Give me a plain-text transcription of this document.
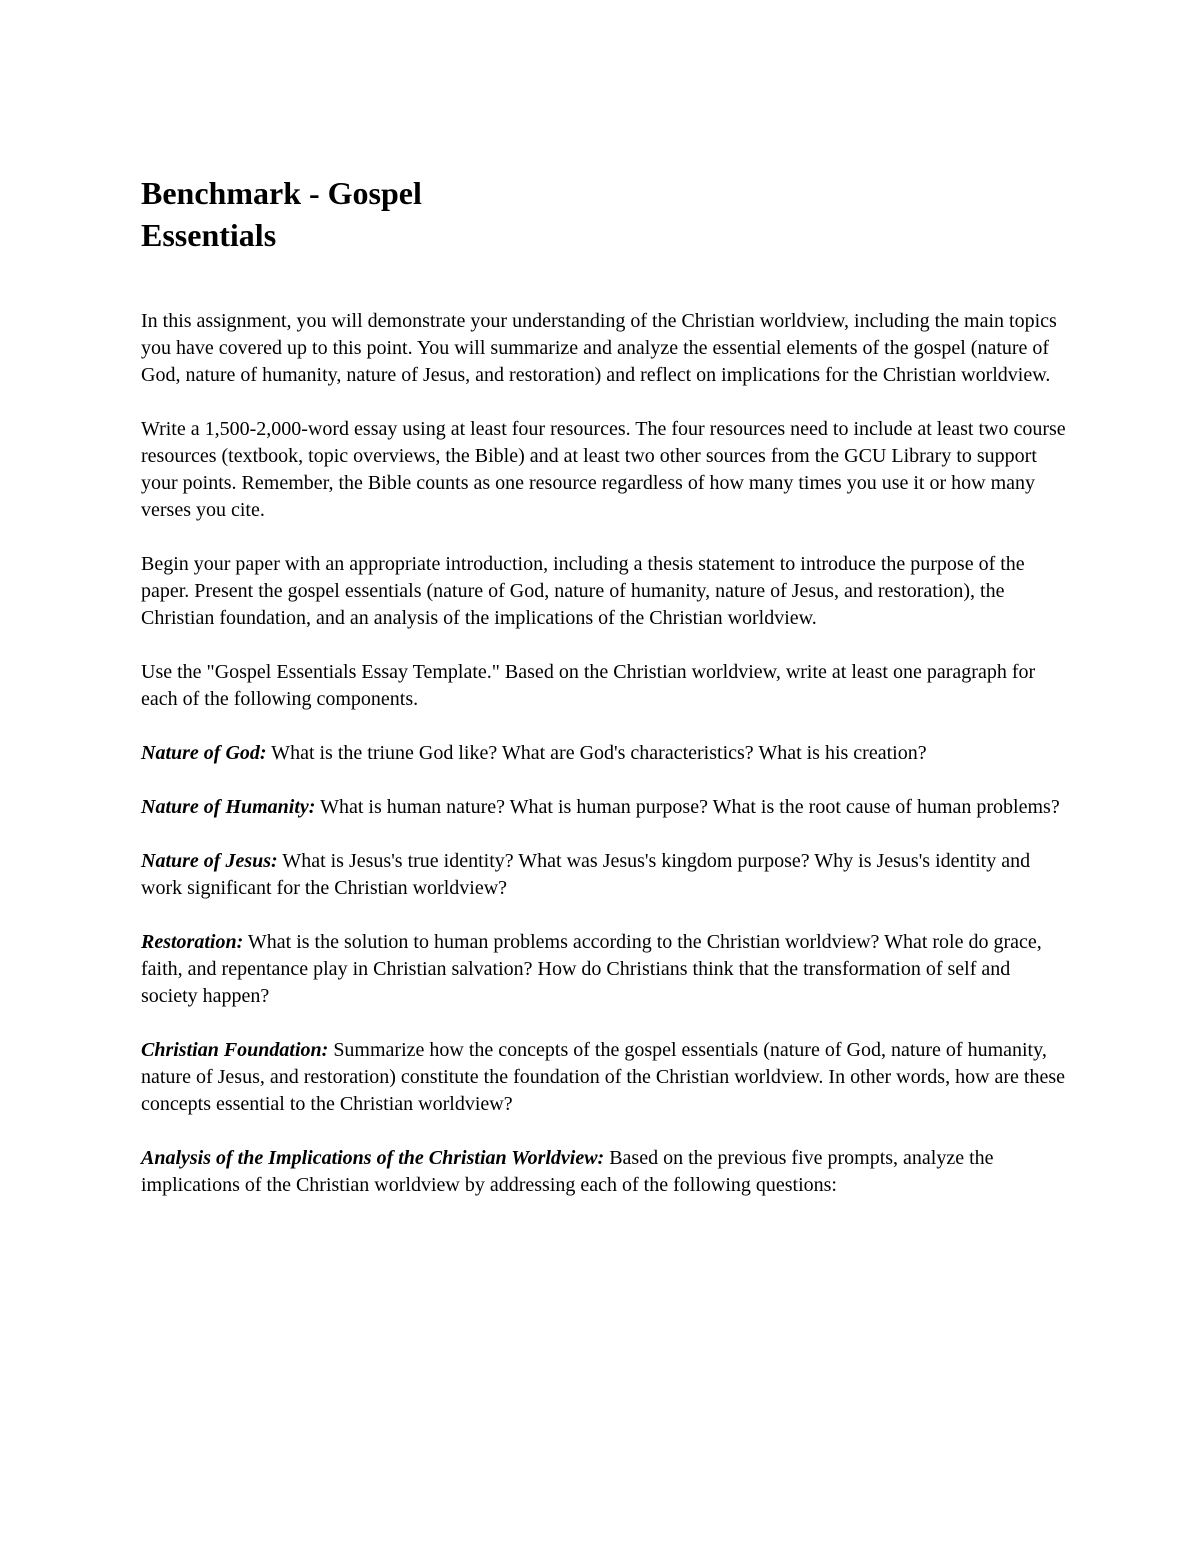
Benchmark - Gospel
Essentials

In this assignment, you will demonstrate your understanding of the Christian worldview, including the main topics you have covered up to this point. You will summarize and analyze the essential elements of the gospel (nature of God, nature of humanity, nature of Jesus, and restoration) and reflect on implications for the Christian worldview.

Write a 1,500-2,000-word essay using at least four resources. The four resources need to include at least two course resources (textbook, topic overviews, the Bible) and at least two other sources from the GCU Library to support your points. Remember, the Bible counts as one resource regardless of how many times you use it or how many verses you cite.

Begin your paper with an appropriate introduction, including a thesis statement to introduce the purpose of the paper. Present the gospel essentials (nature of God, nature of humanity, nature of Jesus, and restoration), the Christian foundation, and an analysis of the implications of the Christian worldview.

Use the "Gospel Essentials Essay Template." Based on the Christian worldview, write at least one paragraph for each of the following components.

Nature of God: What is the triune God like? What are God's characteristics? What is his creation?

Nature of Humanity: What is human nature? What is human purpose? What is the root cause of human problems?

Nature of Jesus: What is Jesus's true identity? What was Jesus's kingdom purpose? Why is Jesus's identity and work significant for the Christian worldview?

Restoration: What is the solution to human problems according to the Christian worldview? What role do grace, faith, and repentance play in Christian salvation? How do Christians think that the transformation of self and society happen?

Christian Foundation: Summarize how the concepts of the gospel essentials (nature of God, nature of humanity, nature of Jesus, and restoration) constitute the foundation of the Christian worldview. In other words, how are these concepts essential to the Christian worldview?

Analysis of the Implications of the Christian Worldview: Based on the previous five prompts, analyze the implications of the Christian worldview by addressing each of the following questions:
